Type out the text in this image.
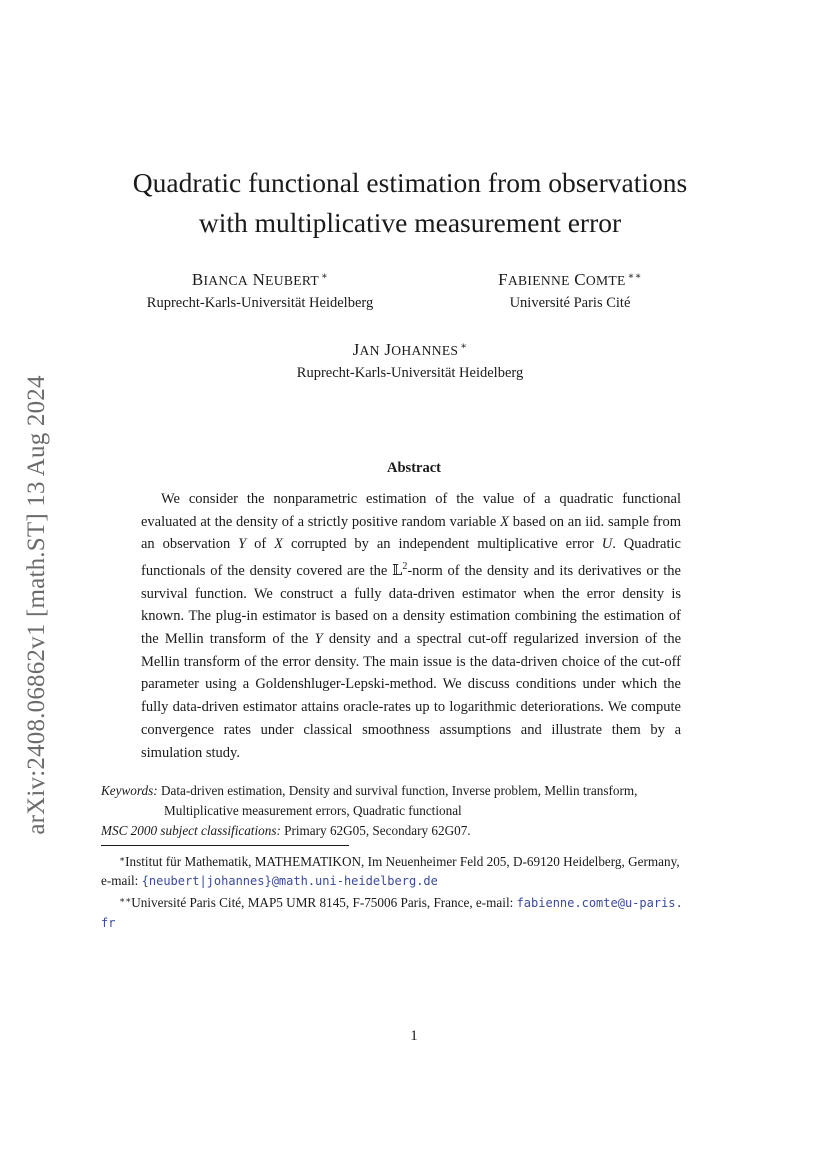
arXiv:2408.06862v1 [math.ST] 13 Aug 2024
Quadratic functional estimation from observations
with multiplicative measurement error
BIANCA NEUBERT ∗
Ruprecht-Karls-Universität Heidelberg
FABIENNE COMTE ∗∗
Université Paris Cité
JAN JOHANNES ∗
Ruprecht-Karls-Universität Heidelberg
Abstract

We consider the nonparametric estimation of the value of a quadratic functional evaluated at the density of a strictly positive random variable X based on an iid. sample from an observation Y of X corrupted by an independent multiplicative error U. Quadratic functionals of the density covered are the 𝕃$^2$-norm of the density and its derivatives or the survival function. We construct a fully data-driven estimator when the error density is known. The plug-in estimator is based on a density estimation combining the estimation of the Mellin transform of the Y density and a spectral cut-off regularized inversion of the Mellin transform of the error density. The main issue is the data-driven choice of the cut-off parameter using a Goldenshluger-Lepski-method. We discuss conditions under which the fully data-driven estimator attains oracle-rates up to logarithmic deteriorations. We compute convergence rates under classical smoothness assumptions and illustrate them by a simulation study.

Keywords: Data-driven estimation, Density and survival function, Inverse problem, Mellin transform,
Multiplicative measurement errors, Quadratic functional
MSC 2000 subject classifications: Primary 62G05, Secondary 62G07.
∗Institut für Mathematik, MATHEMATIKON, Im Neuenheimer Feld 205, D-69120 Heidelberg, Germany,
e-mail: {neubert|johannes}@math.uni-heidelberg.de
∗∗Université Paris Cité, MAP5 UMR 8145, F-75006 Paris, France, e-mail: fabienne.comte@u-paris.
fr
1
